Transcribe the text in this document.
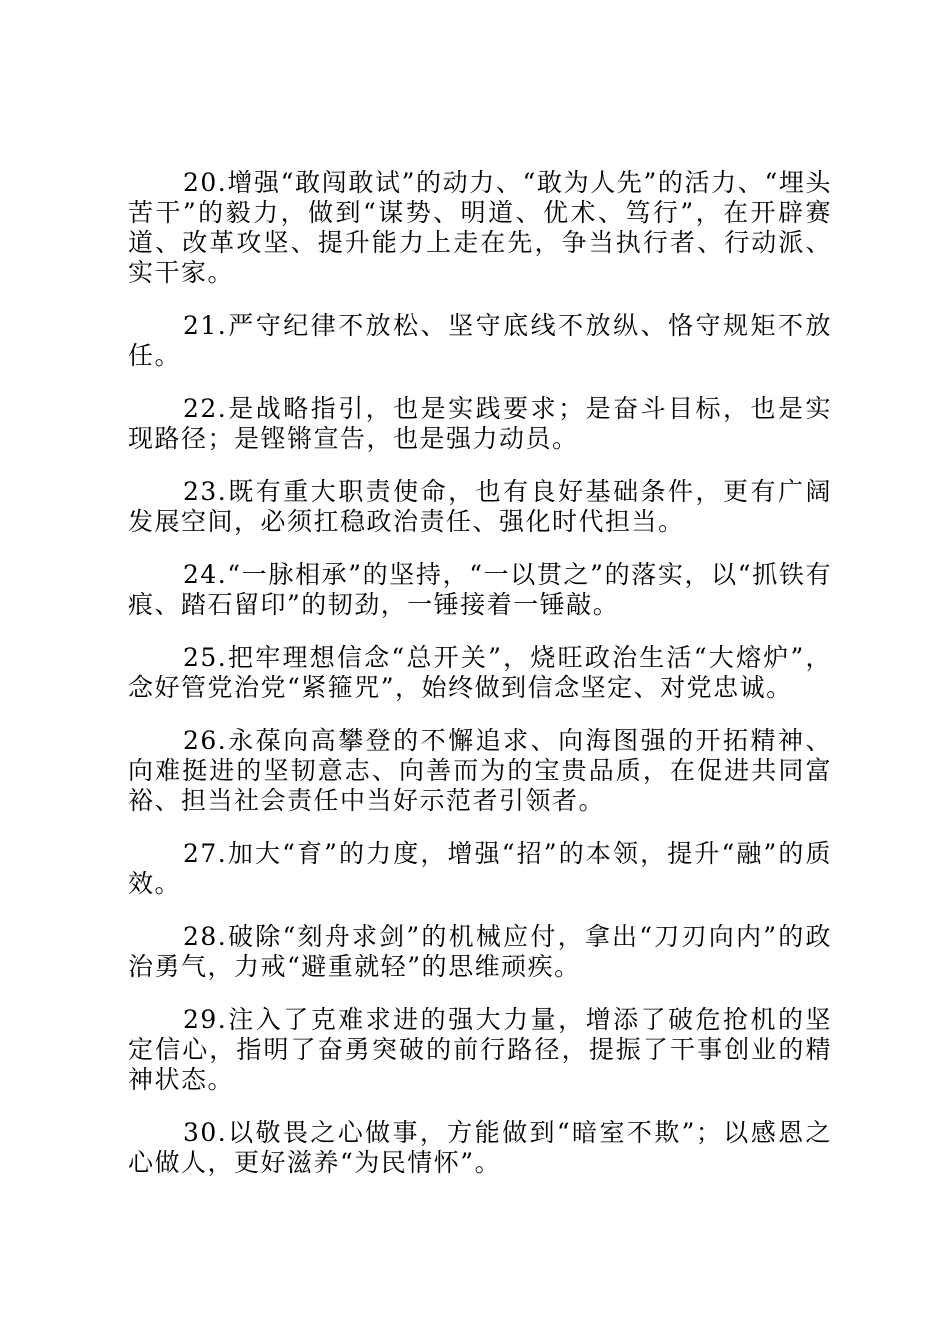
20.增强“敢闯敢试”的动力、“敢为人先”的活力、“埋头苦干”的毅力，做到“谋势、明道、优术、笃行”，在开辟赛道、改革攻坚、提升能力上走在先，争当执行者、行动派、实干家。

21.严守纪律不放松、坚守底线不放纵、恪守规矩不放任。

22.是战略指引，也是实践要求；是奋斗目标，也是实现路径；是铿锵宣告，也是强力动员。

23.既有重大职责使命，也有良好基础条件，更有广阔发展空间，必须扛稳政治责任、强化时代担当。

24.“一脉相承”的坚持，“一以贯之”的落实，以“抓铁有痕、踏石留印”的韧劲，一锤接着一锤敲。

25.把牢理想信念“总开关”，烧旺政治生活“大熔炉”，念好管党治党“紧箍咒”，始终做到信念坚定、对党忠诚。

26.永葆向高攀登的不懈追求、向海图强的开拓精神、向难挺进的坚韧意志、向善而为的宝贵品质，在促进共同富裕、担当社会责任中当好示范者引领者。

27.加大“育”的力度，增强“招”的本领，提升“融”的质效。

28.破除“刻舟求剑”的机械应付，拿出“刀刃向内”的政治勇气，力戒“避重就轻”的思维顽疾。

29.注入了克难求进的强大力量，增添了破危抢机的坚定信心，指明了奋勇突破的前行路径，提振了干事创业的精神状态。

30.以敬畏之心做事，方能做到“暗室不欺”；以感恩之心做人，更好滋养“为民情怀”。
